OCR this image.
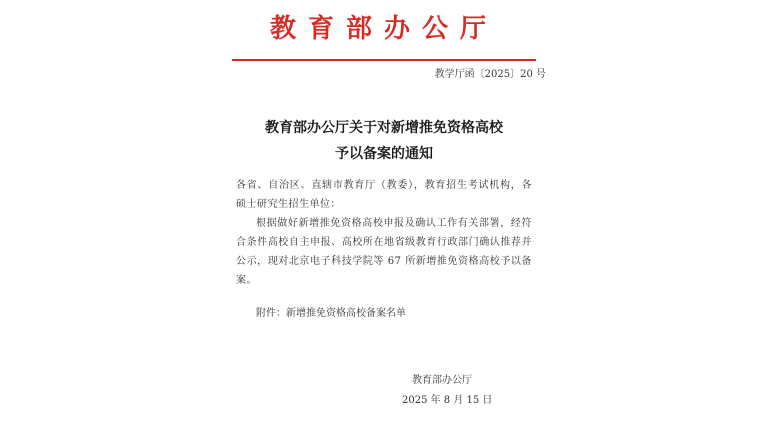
教育部办公厅
教学厅函〔2025〕20 号
教育部办公厅关于对新增推免资格高校
予以备案的通知
各省、自治区、直辖市教育厅（教委），教育招生考试机构，各硕士研究生招生单位：
根据做好新增推免资格高校申报及确认工作有关部署，经符合条件高校自主申报、高校所在地省级教育行政部门确认推荐并公示，现对北京电子科技学院等 67 所新增推免资格高校予以备案。
附件：新增推免资格高校备案名单
教育部办公厅
2025 年 8 月 15 日
